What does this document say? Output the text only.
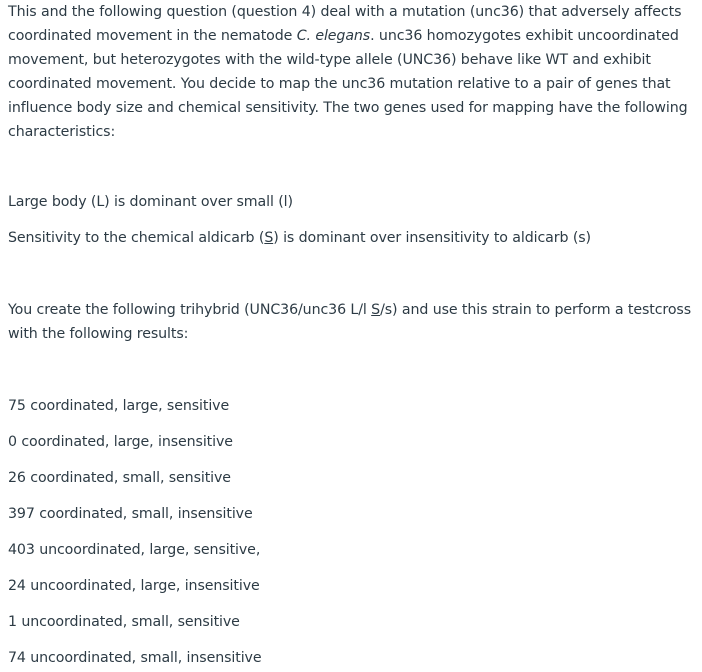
This and the following question (question 4) deal with a mutation (unc36) that adversely affects coordinated movement in the nematode C. elegans. unc36 homozygotes exhibit uncoordinated movement, but heterozygotes with the wild-type allele (UNC36) behave like WT and exhibit coordinated movement. You decide to map the unc36 mutation relative to a pair of genes that influence body size and chemical sensitivity. The two genes used for mapping have the following characteristics:

Large body (L) is dominant over small (l)

Sensitivity to the chemical aldicarb (S) is dominant over insensitivity to aldicarb (s)

You create the following trihybrid (UNC36/unc36 L/l S/s) and use this strain to perform a testcross

with the following results:

75 coordinated, large, sensitive

0 coordinated, large, insensitive

26 coordinated, small, sensitive

397 coordinated, small, insensitive

403 uncoordinated, large, sensitive,

24 uncoordinated, large, insensitive

1 uncoordinated, small, sensitive

74 uncoordinated, small, insensitive
